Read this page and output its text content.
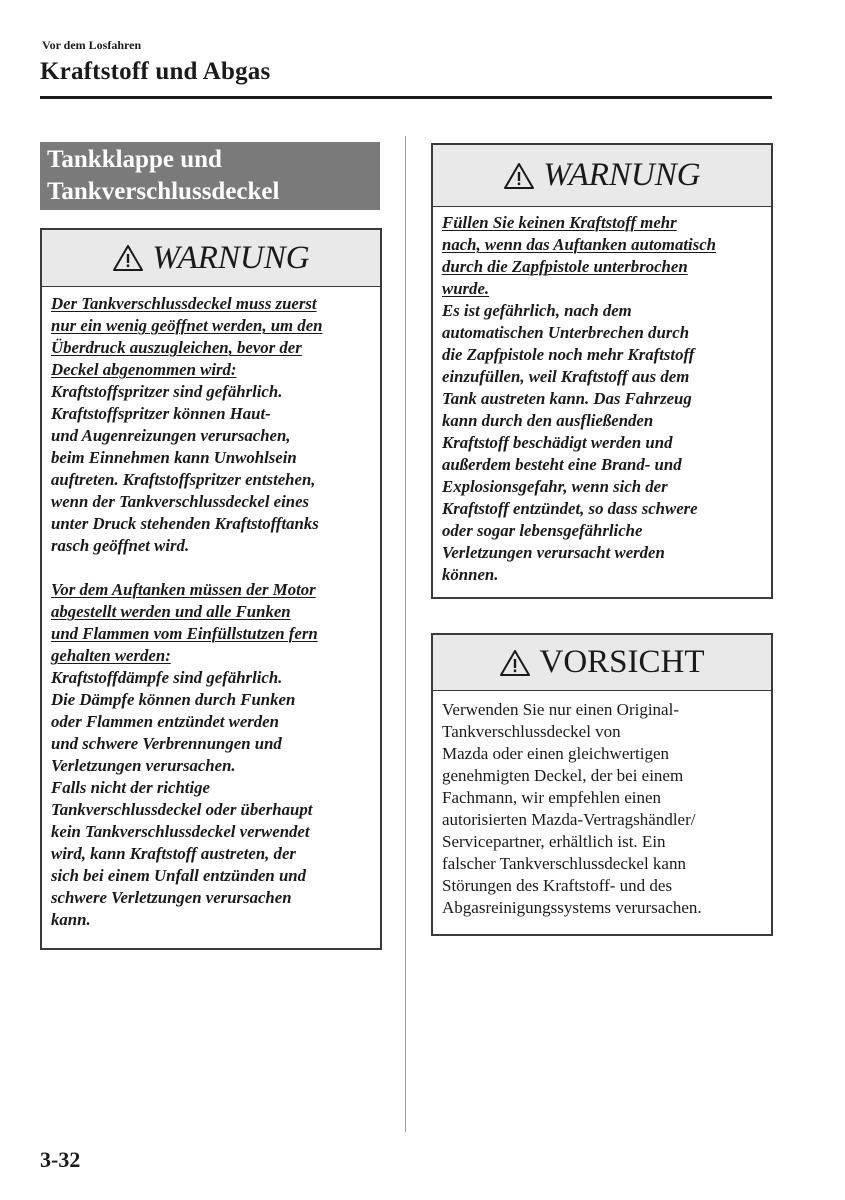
Vor dem Losfahren
Kraftstoff und Abgas
Tankklappe und
Tankverschlussdeckel
WARNUNG
Der Tankverschlussdeckel muss zuerst
nur ein wenig geöffnet werden, um den
Überdruck auszugleichen, bevor der
Deckel abgenommen wird:
Kraftstoffspritzer sind gefährlich.
Kraftstoffspritzer können Haut-
und Augenreizungen verursachen,
beim Einnehmen kann Unwohlsein
auftreten. Kraftstoffspritzer entstehen,
wenn der Tankverschlussdeckel eines
unter Druck stehenden Kraftstofftanks
rasch geöffnet wird.
Vor dem Auftanken müssen der Motor
abgestellt werden und alle Funken
und Flammen vom Einfüllstutzen fern
gehalten werden:
Kraftstoffdämpfe sind gefährlich.
Die Dämpfe können durch Funken
oder Flammen entzündet werden
und schwere Verbrennungen und
Verletzungen verursachen.
Falls nicht der richtige
Tankverschlussdeckel oder überhaupt
kein Tankverschlussdeckel verwendet
wird, kann Kraftstoff austreten, der
sich bei einem Unfall entzünden und
schwere Verletzungen verursachen
kann.
WARNUNG
Füllen Sie keinen Kraftstoff mehr
nach, wenn das Auftanken automatisch
durch die Zapfpistole unterbrochen
wurde.
Es ist gefährlich, nach dem
automatischen Unterbrechen durch
die Zapfpistole noch mehr Kraftstoff
einzufüllen, weil Kraftstoff aus dem
Tank austreten kann. Das Fahrzeug
kann durch den ausfließenden
Kraftstoff beschädigt werden und
außerdem besteht eine Brand- und
Explosionsgefahr, wenn sich der
Kraftstoff entzündet, so dass schwere
oder sogar lebensgefährliche
Verletzungen verursacht werden
können.
VORSICHT
Verwenden Sie nur einen Original-
Tankverschlussdeckel von
Mazda oder einen gleichwertigen
genehmigten Deckel, der bei einem
Fachmann, wir empfehlen einen
autorisierten Mazda-Vertragshändler/
Servicepartner, erhältlich ist. Ein
falscher Tankverschlussdeckel kann
Störungen des Kraftstoff- und des
Abgasreinigungssystems verursachen.
3-32
